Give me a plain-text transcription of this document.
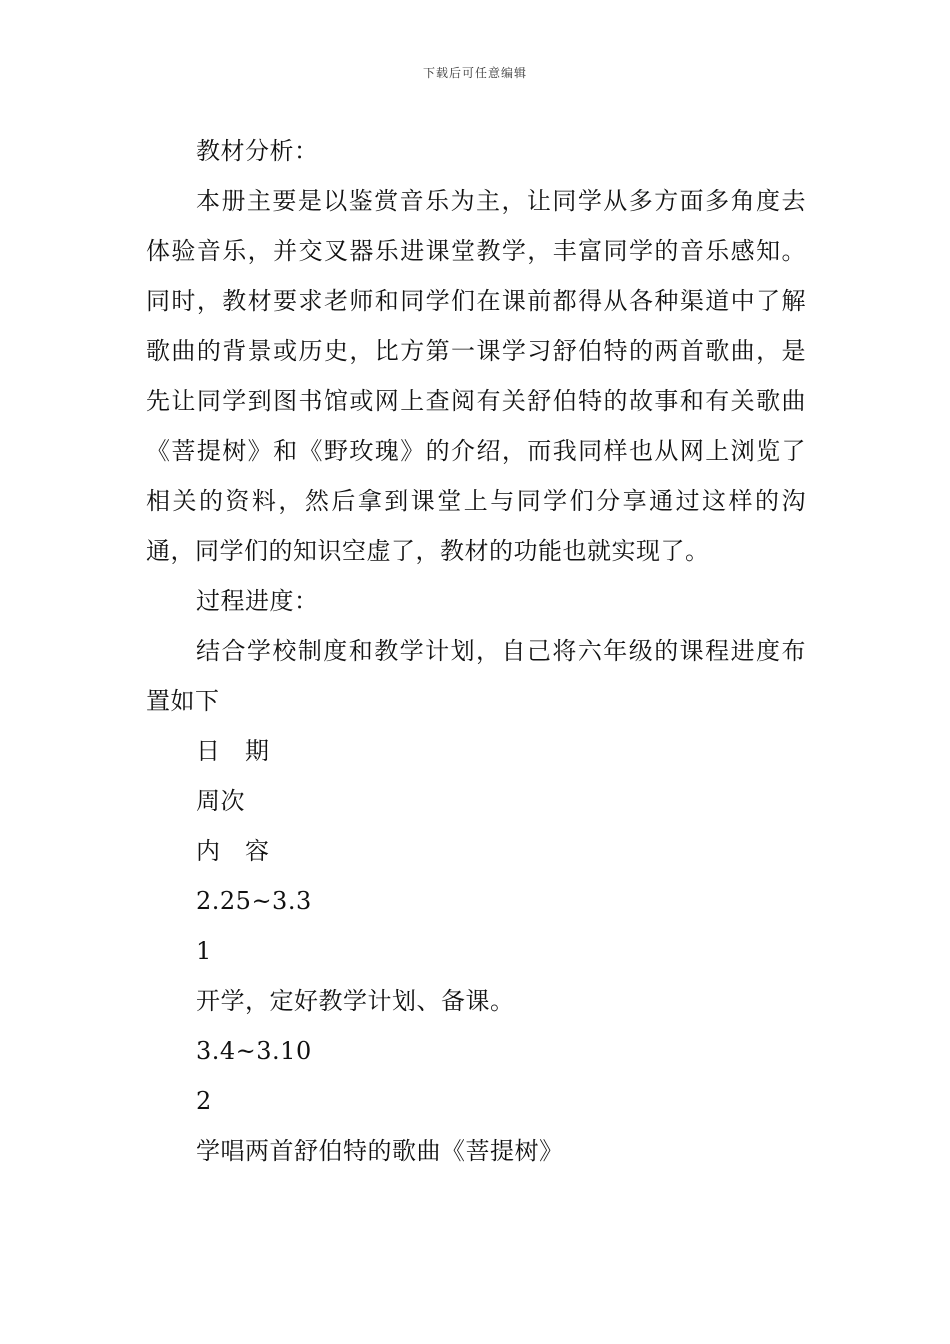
下载后可任意编辑

教材分析：

本册主要是以鉴赏音乐为主，让同学从多方面多角度去体验音乐，并交叉器乐进课堂教学，丰富同学的音乐感知。同时，教材要求老师和同学们在课前都得从各种渠道中了解歌曲的背景或历史，比方第一课学习舒伯特的两首歌曲，是先让同学到图书馆或网上查阅有关舒伯特的故事和有关歌曲《菩提树》和《野玫瑰》的介绍，而我同样也从网上浏览了相关的资料，然后拿到课堂上与同学们分享通过这样的沟通，同学们的知识空虚了，教材的功能也就实现了。

过程进度：

结合学校制度和教学计划，自己将六年级的课程进度布置如下

日　期

周次

内　容

2.25~3.3

1

开学，定好教学计划、备课。

3.4~3.10

2

学唱两首舒伯特的歌曲《菩提树》
